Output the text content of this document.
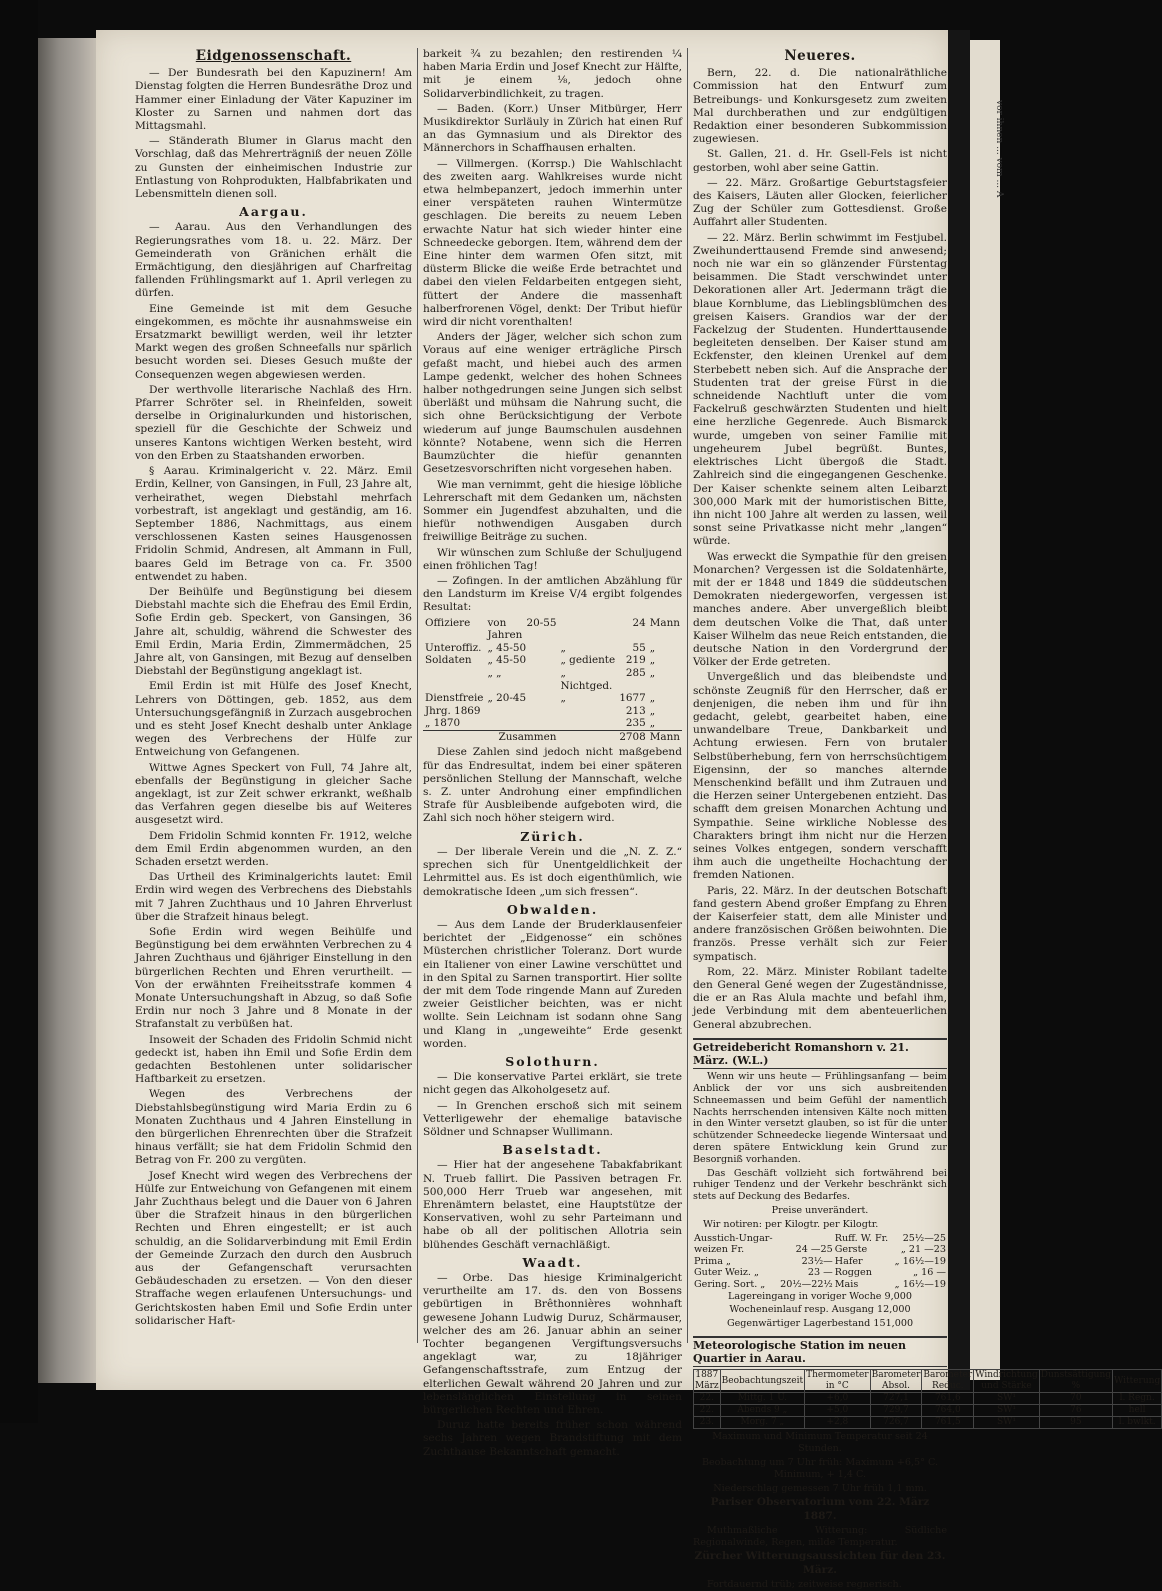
vor ihnen ... vom ... A
Eidgenossenschaft.

— Der Bundesrath bei den Kapuzinern! Am Dienstag folgten die Herren Bundesräthe Droz und Hammer einer Einladung der Väter Kapuziner im Kloster zu Sarnen und nahmen dort das Mittagsmahl.

— Ständerath Blumer in Glarus macht den Vorschlag, daß das Mehrerträgniß der neuen Zölle zu Gunsten der einheimischen Industrie zur Entlastung von Rohprodukten, Halbfabrikaten und Lebensmitteln dienen soll.

Aargau.

— Aarau. Aus den Verhandlungen des Regierungsrathes vom 18. u. 22. März. Der Gemeinderath von Gränichen erhält die Ermächtigung, den diesjährigen auf Charfreitag fallenden Frühlingsmarkt auf 1. April verlegen zu dürfen.

Eine Gemeinde ist mit dem Gesuche eingekommen, es möchte ihr ausnahmsweise ein Ersatzmarkt bewilligt werden, weil ihr letzter Markt wegen des großen Schneefalls nur spärlich besucht worden sei. Dieses Gesuch mußte der Consequenzen wegen abgewiesen werden.

Der werthvolle literarische Nachlaß des Hrn. Pfarrer Schröter sel. in Rheinfelden, soweit derselbe in Originalurkunden und historischen, speziell für die Geschichte der Schweiz und unseres Kantons wichtigen Werken besteht, wird von den Erben zu Staatshanden erworben.

§ Aarau. Kriminalgericht v. 22. März. Emil Erdin, Kellner, von Gansingen, in Full, 23 Jahre alt, verheirathet, wegen Diebstahl mehrfach vorbestraft, ist angeklagt und geständig, am 16. September 1886, Nachmittags, aus einem verschlossenen Kasten seines Hausgenossen Fridolin Schmid, Andresen, alt Ammann in Full, baares Geld im Betrage von ca. Fr. 3500 entwendet zu haben.

Der Beihülfe und Begünstigung bei diesem Diebstahl machte sich die Ehefrau des Emil Erdin, Sofie Erdin geb. Speckert, von Gansingen, 36 Jahre alt, schuldig, während die Schwester des Emil Erdin, Maria Erdin, Zimmermädchen, 25 Jahre alt, von Gansingen, mit Bezug auf denselben Diebstahl der Begünstigung angeklagt ist.

Emil Erdin ist mit Hülfe des Josef Knecht, Lehrers von Döttingen, geb. 1852, aus dem Untersuchungsgefängniß in Zurzach ausgebrochen und es steht Josef Knecht deshalb unter Anklage wegen des Verbrechens der Hülfe zur Entweichung von Gefangenen.

Wittwe Agnes Speckert von Full, 74 Jahre alt, ebenfalls der Begünstigung in gleicher Sache angeklagt, ist zur Zeit schwer erkrankt, weßhalb das Verfahren gegen dieselbe bis auf Weiteres ausgesetzt wird.

Dem Fridolin Schmid konnten Fr. 1912, welche dem Emil Erdin abgenommen wurden, an den Schaden ersetzt werden.

Das Urtheil des Kriminalgerichts lautet: Emil Erdin wird wegen des Verbrechens des Diebstahls mit 7 Jahren Zuchthaus und 10 Jahren Ehrverlust über die Strafzeit hinaus belegt.

Sofie Erdin wird wegen Beihülfe und Begünstigung bei dem erwähnten Verbrechen zu 4 Jahren Zuchthaus und 6jähriger Einstellung in den bürgerlichen Rechten und Ehren verurtheilt. — Von der erwähnten Freiheitsstrafe kommen 4 Monate Untersuchungshaft in Abzug, so daß Sofie Erdin nur noch 3 Jahre und 8 Monate in der Strafanstalt zu verbüßen hat.

Insoweit der Schaden des Fridolin Schmid nicht gedeckt ist, haben ihn Emil und Sofie Erdin dem gedachten Bestohlenen unter solidarischer Haftbarkeit zu ersetzen.

Wegen des Verbrechens der Diebstahlsbegünstigung wird Maria Erdin zu 6 Monaten Zuchthaus und 4 Jahren Einstellung in den bürgerlichen Ehrenrechten über die Strafzeit hinaus verfällt; sie hat dem Fridolin Schmid den Betrag von Fr. 200 zu vergüten.

Josef Knecht wird wegen des Verbrechens der Hülfe zur Entweichung von Gefangenen mit einem Jahr Zuchthaus belegt und die Dauer von 6 Jahren über die Strafzeit hinaus in den bürgerlichen Rechten und Ehren eingestellt; er ist auch schuldig, an die Solidarverbindung mit Emil Erdin der Gemeinde Zurzach den durch den Ausbruch aus der Gefangenschaft verursachten Gebäudeschaden zu ersetzen. — Von den dieser Straffache wegen erlaufenen Untersuchungs- und Gerichtskosten haben Emil und Sofie Erdin unter solidarischer Haft-

barkeit ¾ zu bezahlen; den restirenden ¼ haben Maria Erdin und Josef Knecht zur Hälfte, mit je einem ⅛, jedoch ohne Solidarverbindlichkeit, zu tragen.

— Baden. (Korr.) Unser Mitbürger, Herr Musikdirektor Surläuly in Zürich hat einen Ruf an das Gymnasium und als Direktor des Männerchors in Schaffhausen erhalten.

— Villmergen. (Korrsp.) Die Wahlschlacht des zweiten aarg. Wahlkreises wurde nicht etwa helmbepanzert, jedoch immerhin unter einer verspäteten rauhen Wintermütze geschlagen. Die bereits zu neuem Leben erwachte Natur hat sich wieder hinter eine Schneedecke geborgen. Item, während dem der Eine hinter dem warmen Ofen sitzt, mit düsterm Blicke die weiße Erde betrachtet und dabei den vielen Feldarbeiten entgegen sieht, füttert der Andere die massenhaft halberfrorenen Vögel, denkt: Der Tribut hiefür wird dir nicht vorenthalten!

Anders der Jäger, welcher sich schon zum Voraus auf eine weniger erträgliche Pirsch gefaßt macht, und hiebei auch des armen Lampe gedenkt, welcher des hohen Schnees halber nothgedrungen seine Jungen sich selbst überläßt und mühsam die Nahrung sucht, die sich ohne Berücksichtigung der Verbote wiederum auf junge Baumschulen ausdehnen könnte? Notabene, wenn sich die Herren Baumzüchter die hiefür genannten Gesetzesvorschriften nicht vorgesehen haben.

Wie man vernimmt, geht die hiesige löbliche Lehrerschaft mit dem Gedanken um, nächsten Sommer ein Jugendfest abzuhalten, und die hiefür nothwendigen Ausgaben durch freiwillige Beiträge zu suchen.

Wir wünschen zum Schluße der Schuljugend einen fröhlichen Tag!

— Zofingen. In der amtlichen Abzählung für den Landsturm im Kreise V/4 ergibt folgendes Resultat:

Offiziere	von 20-55 Jahren		24	Mann
Unteroffiz.	„ 45-50	„	55	„
Soldaten	„ 45-50	„ gediente	219	„
	„ „	„ Nichtged.	285	„
Dienstfreie	„ 20-45	„	1677	„
Jhrg. 1869			213	„
„ 1870			235	„
	Zusammen		2708	Mann

Diese Zahlen sind jedoch nicht maßgebend für das Endresultat, indem bei einer späteren persönlichen Stellung der Mannschaft, welche s. Z. unter Androhung einer empfindlichen Strafe für Ausbleibende aufgeboten wird, die Zahl sich noch höher steigern wird.

Zürich.

— Der liberale Verein und die „N. Z. Z.“ sprechen sich für Unentgeldlichkeit der Lehrmittel aus. Es ist doch eigenthümlich, wie demokratische Ideen „um sich fressen“.

Obwalden.

— Aus dem Lande der Bruderklausenfeier berichtet der „Eidgenosse“ ein schönes Müsterchen christlicher Toleranz. Dort wurde ein Italiener von einer Lawine verschüttet und in den Spital zu Sarnen transportirt. Hier sollte der mit dem Tode ringende Mann auf Zureden zweier Geistlicher beichten, was er nicht wollte. Sein Leichnam ist sodann ohne Sang und Klang in „ungeweihte“ Erde gesenkt worden.

Solothurn.

— Die konservative Partei erklärt, sie trete nicht gegen das Alkoholgesetz auf.

— In Grenchen erschoß sich mit seinem Vetterligewehr der ehemalige batavische Söldner und Schnapser Wullimann.

Baselstadt.

— Hier hat der angesehene Tabakfabrikant N. Trueb fallirt. Die Passiven betragen Fr. 500,000 Herr Trueb war angesehen, mit Ehrenämtern belastet, eine Hauptstütze der Konservativen, wohl zu sehr Parteimann und habe ob all der politischen Allotria sein blühendes Geschäft vernachläßigt.

Waadt.

— Orbe. Das hiesige Kriminalgericht verurtheilte am 17. ds. den von Bossens gebürtigen in Brêthonnières wohnhaft gewesene Johann Ludwig Duruz, Schärmauser, welcher des am 26. Januar abhin an seiner Tochter begangenen Vergiftungsversuchs angeklagt war, zu 18jähriger Gefangenschaftsstrafe, zum Entzug der elterlichen Gewalt während 20 Jahren und zur lebenslänglichen Einstellung in seinen bürgerlichen Rechten und Ehren.

Duruz hatte bereits früher schon während sechs Jahren wegen Brandstiftung mit dem Zuchthause Bekanntschaft gemacht.

Neueres.

Bern, 22. d. Die nationalräthliche Commission hat den Entwurf zum Betreibungs- und Konkursgesetz zum zweiten Mal durchberathen und zur endgültigen Redaktion einer besonderen Subkommission zugewiesen.

St. Gallen, 21. d. Hr. Gsell-Fels ist nicht gestorben, wohl aber seine Gattin.

— 22. März. Großartige Geburtstagsfeier des Kaisers, Läuten aller Glocken, feierlicher Zug der Schüler zum Gottesdienst. Große Auffahrt aller Studenten.

— 22. März. Berlin schwimmt im Festjubel. Zweihunderttausend Fremde sind anwesend; noch nie war ein so glänzender Fürstentag beisammen. Die Stadt verschwindet unter Dekorationen aller Art. Jedermann trägt die blaue Kornblume, das Lieblingsblümchen des greisen Kaisers. Grandios war der der Fackelzug der Studenten. Hunderttausende begleiteten denselben. Der Kaiser stund am Eckfenster, den kleinen Urenkel auf dem Sterbebett neben sich. Auf die Ansprache der Studenten trat der greise Fürst in die schneidende Nachtluft unter die vom Fackelruß geschwärzten Studenten und hielt eine herzliche Gegenrede. Auch Bismarck wurde, umgeben von seiner Familie mit ungeheurem Jubel begrüßt. Buntes, elektrisches Licht übergoß die Stadt. Zahlreich sind die eingegangenen Geschenke. Der Kaiser schenkte seinem alten Leibarzt 300,000 Mark mit der humoristischen Bitte, ihn nicht 100 Jahre alt werden zu lassen, weil sonst seine Privatkasse nicht mehr „langen“ würde.

Was erweckt die Sympathie für den greisen Monarchen? Vergessen ist die Soldatenhärte, mit der er 1848 und 1849 die süddeutschen Demokraten niedergeworfen, vergessen ist manches andere. Aber unvergeßlich bleibt dem deutschen Volke die That, daß unter Kaiser Wilhelm das neue Reich entstanden, die deutsche Nation in den Vordergrund der Völker der Erde getreten.

Unvergeßlich und das bleibendste und schönste Zeugniß für den Herrscher, daß er denjenigen, die neben ihm und für ihn gedacht, gelebt, gearbeitet haben, eine unwandelbare Treue, Dankbarkeit und Achtung erwiesen. Fern von brutaler Selbstüberhebung, fern von herrschsüchtigem Eigensinn, der so manches alternde Menschenkind befällt und ihm Zutrauen und die Herzen seiner Untergebenen entzieht. Das schafft dem greisen Monarchen Achtung und Sympathie. Seine wirkliche Noblesse des Charakters bringt ihm nicht nur die Herzen seines Volkes entgegen, sondern verschafft ihm auch die ungetheilte Hochachtung der fremden Nationen.

Paris, 22. März. In der deutschen Botschaft fand gestern Abend großer Empfang zu Ehren der Kaiserfeier statt, dem alle Minister und andere französischen Größen beiwohnten. Die französ. Presse verhält sich zur Feier sympatisch.

Rom, 22. März. Minister Robilant tadelte den General Gené wegen der Zugeständnisse, die er an Ras Alula machte und befahl ihm, jede Verbindung mit dem abenteuerlichen General abzubrechen.

Getreidebericht Romanshorn v. 21. März. (W.L.)

Wenn wir uns heute — Frühlingsanfang — beim Anblick der vor uns sich ausbreitenden Schneemassen und beim Gefühl der namentlich Nachts herrschenden intensiven Kälte noch mitten in den Winter versetzt glauben, so ist für die unter schützender Schneedecke liegende Wintersaat und deren spätere Entwicklung kein Grund zur Besorgniß vorhanden.

Das Geschäft vollzieht sich fortwährend bei ruhiger Tendenz und der Verkehr beschränkt sich stets auf Deckung des Bedarfes.

Preise unverändert.

Wir notiren: per Kilogtr. per Kilogtr.

Ausstich-Ungar-		Ruff. W. Fr.	25½—25
weizen Fr.	24 —25	Gerste	„ 21 —23
Prima „	23½—	Hafer	„ 16½—19
Guter Weiz. „	23 —	Roggen	„ 16 —
Gering. Sort. „	20½—22½	Mais	„ 16½—19

Lagereingang in voriger Woche 9,000

Wocheneinlauf resp. Ausgang 12,000

Gegenwärtiger Lagerbestand 151,000

Meteorologische Station im neuen Quartier in Aarau.
1887 März	Beobachtungszeit	Thermometer in °C	Barometer Absol.	Barometer Reduc.	Windrichtung und Stärke	Dunstsättigung %	Witterung
22.	Mittg. 1 U.	+6,0	727,1	761,6	SW¹	70	l. Regn.
22.	Abends 9 „	+5,0	729,7	764,0	SW¹	76	hell
23.	Morg. 7 „	+2,8	726,7	761,5	SW¹	95	l. bwlkt.

Maximum und Minimum Temperatur seit 24 Stunden.

Beobachtung um 7 Uhr früh: Maximum +6,5° C. Minimum, + 1,4 C.

Niederschlag gemessen 7 Uhr früh 1,1 mm.

Pariser Observatorium vom 22. März 1887.

Muthmaßliche Witterung: Südliche Regionalwinde, Regen, milde Temperatur.

Zürcher Witterungsaussichten für den 23. März.

Fortdauernd trüb; zeitweise regnerisch.
